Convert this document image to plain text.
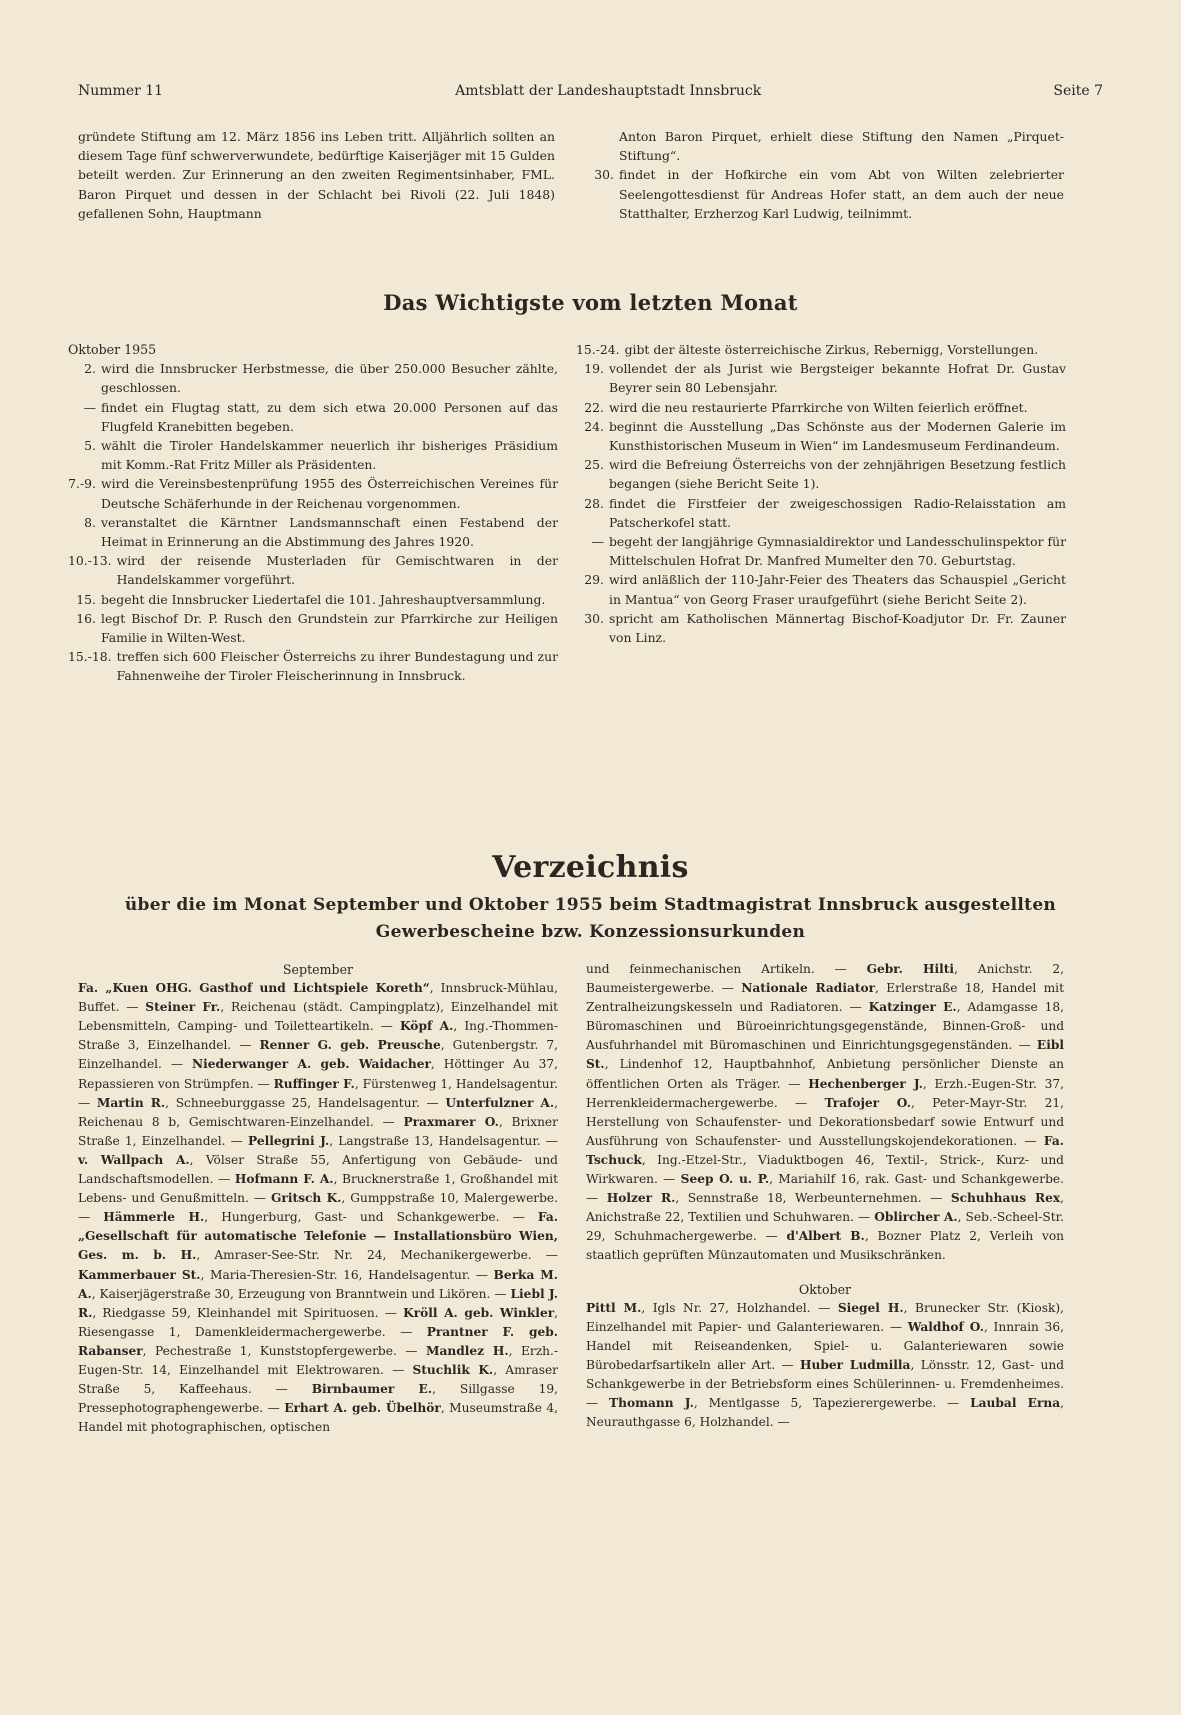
Nummer 11	Amtsblatt der Landeshauptstadt Innsbruck	Seite 7

gründete Stiftung am 12. März 1856 ins Leben tritt. Alljährlich sollten an diesem Tage fünf schwerverwundete, bedürftige Kaiserjäger mit 15 Gulden beteilt werden. Zur Erinnerung an den zweiten Regimentsinhaber, FML. Baron Pirquet und dessen in der Schlacht bei Rivoli (22. Juli 1848) gefallenen Sohn, Hauptmann

Anton Baron Pirquet, erhielt diese Stiftung den Namen „Pirquet-Stiftung“.

30. findet in der Hofkirche ein vom Abt von Wilten zelebrierter Seelengottesdienst für Andreas Hofer statt, an dem auch der neue Statthalter, Erzherzog Karl Ludwig, teilnimmt.
Das Wichtigste vom letzten Monat

Oktober 1955

2. wird die Innsbrucker Herbstmesse, die über 250.000 Besucher zählte, geschlossen.
— findet ein Flugtag statt, zu dem sich etwa 20.000 Personen auf das Flugfeld Kranebitten begeben.
5. wählt die Tiroler Handelskammer neuerlich ihr bisheriges Präsidium mit Komm.-Rat Fritz Miller als Präsidenten.
7.-9. wird die Vereinsbestenprüfung 1955 des Österreichischen Vereines für Deutsche Schäferhunde in der Reichenau vorgenommen.
8. veranstaltet die Kärntner Landsmannschaft einen Festabend der Heimat in Erinnerung an die Abstimmung des Jahres 1920.
10.-13. wird der reisende Musterladen für Gemischtwaren in der Handelskammer vorgeführt.
15. begeht die Innsbrucker Liedertafel die 101. Jahreshauptversammlung.
16. legt Bischof Dr. P. Rusch den Grundstein zur Pfarrkirche zur Heiligen Familie in Wilten-West.
15.-18. treffen sich 600 Fleischer Österreichs zu ihrer Bundestagung und zur Fahnenweihe der Tiroler Fleischerinnung in Innsbruck.
15.-24. gibt der älteste österreichische Zirkus, Rebernigg, Vorstellungen.
19. vollendet der als Jurist wie Bergsteiger bekannte Hofrat Dr. Gustav Beyrer sein 80 Lebensjahr.
22. wird die neu restaurierte Pfarrkirche von Wilten feierlich eröffnet.
24. beginnt die Ausstellung „Das Schönste aus der Modernen Galerie im Kunsthistorischen Museum in Wien“ im Landesmuseum Ferdinandeum.
25. wird die Befreiung Österreichs von der zehnjährigen Besetzung festlich begangen (siehe Bericht Seite 1).
28. findet die Firstfeier der zweigeschossigen Radio-Relaisstation am Patscherkofel statt.
— begeht der langjährige Gymnasialdirektor und Landesschulinspektor für Mittelschulen Hofrat Dr. Manfred Mumelter den 70. Geburtstag.
29. wird anläßlich der 110-Jahr-Feier des Theaters das Schauspiel „Gericht in Mantua“ von Georg Fraser uraufgeführt (siehe Bericht Seite 2).
30. spricht am Katholischen Männertag Bischof-Koadjutor Dr. Fr. Zauner von Linz.
Verzeichnis
über die im Monat September und Oktober 1955 beim Stadtmagistrat Innsbruck ausgestellten
Gewerbescheine bzw. Konzessionsurkunden

September

Fa. „Kuen OHG. Gasthof und Lichtspiele Koreth“, Innsbruck-Mühlau, Buffet. — Steiner Fr., Reichenau (städt. Campingplatz), Einzelhandel mit Lebensmitteln, Camping- und Toiletteartikeln. — Köpf A., Ing.-Thommen-Straße 3, Einzelhandel. — Renner G. geb. Preusche, Gutenbergstr. 7, Einzelhandel. — Niederwanger A. geb. Waidacher, Höttinger Au 37, Repassieren von Strümpfen. — Ruffinger F., Fürstenweg 1, Handelsagentur. — Martin R., Schneeburggasse 25, Handelsagentur. — Unterfulzner A., Reichenau 8 b, Gemischtwaren-Einzelhandel. — Praxmarer O., Brixner Straße 1, Einzelhandel. — Pellegrini J., Langstraße 13, Handelsagentur. — v. Wallpach A., Völser Straße 55, Anfertigung von Gebäude- und Landschaftsmodellen. — Hofmann F. A., Brucknerstraße 1, Großhandel mit Lebens- und Genußmitteln. — Gritsch K., Gumppstraße 10, Malergewerbe. — Hämmerle H., Hungerburg, Gast- und Schankgewerbe. — Fa. „Gesellschaft für automatische Telefonie — Installationsbüro Wien, Ges. m. b. H., Amraser-See-Str. Nr. 24, Mechanikergewerbe. — Kammerbauer St., Maria-Theresien-Str. 16, Handelsagentur. — Berka M. A., Kaiserjägerstraße 30, Erzeugung von Branntwein und Likören. — Liebl J. R., Riedgasse 59, Kleinhandel mit Spirituosen. — Kröll A. geb. Winkler, Riesengasse 1, Damenkleidermachergewerbe. — Prantner F. geb. Rabanser, Pechestraße 1, Kunststopfergewerbe. — Mandlez H., Erzh.-Eugen-Str. 14, Einzelhandel mit Elektrowaren. — Stuchlik K., Amraser Straße 5, Kaffeehaus. — Birnbaumer E., Sillgasse 19, Pressephotographengewerbe. — Erhart A. geb. Übelhör, Museumstraße 4, Handel mit photographischen, optischen

und feinmechanischen Artikeln. — Gebr. Hilti, Anichstr. 2, Baumeistergewerbe. — Nationale Radiator, Erlerstraße 18, Handel mit Zentralheizungskesseln und Radiatoren. — Katzinger E., Adamgasse 18, Büromaschinen und Büroeinrichtungsgegenstände, Binnen-Groß- und Ausfuhrhandel mit Büromaschinen und Einrichtungsgegenständen. — Eibl St., Lindenhof 12, Hauptbahnhof, Anbietung persönlicher Dienste an öffentlichen Orten als Träger. — Hechenberger J., Erzh.-Eugen-Str. 37, Herrenkleidermachergewerbe. — Trafojer O., Peter-Mayr-Str. 21, Herstellung von Schaufenster- und Dekorationsbedarf sowie Entwurf und Ausführung von Schaufenster- und Ausstellungskojendekorationen. — Fa. Tschuck, Ing.-Etzel-Str., Viaduktbogen 46, Textil-, Strick-, Kurz- und Wirkwaren. — Seep O. u. P., Mariahilf 16, rak. Gast- und Schankgewerbe. — Holzer R., Sennstraße 18, Werbeunternehmen. — Schuhhaus Rex, Anichstraße 22, Textilien und Schuhwaren. — Oblircher A., Seb.-Scheel-Str. 29, Schuhmachergewerbe. — d'Albert B., Bozner Platz 2, Verleih von staatlich geprüften Münzautomaten und Musikschränken.

Oktober

Pittl M., Igls Nr. 27, Holzhandel. — Siegel H., Brunecker Str. (Kiosk), Einzelhandel mit Papier- und Galanteriewaren. — Waldhof O., Innrain 36, Handel mit Reiseandenken, Spiel- u. Galanteriewaren sowie Bürobedarfsartikeln aller Art. — Huber Ludmilla, Lönsstr. 12, Gast- und Schankgewerbe in der Betriebsform eines Schülerinnen- u. Fremdenheimes. — Thomann J., Mentlgasse 5, Tapezierergewerbe. — Laubal Erna, Neurauthgasse 6, Holzhandel. —
